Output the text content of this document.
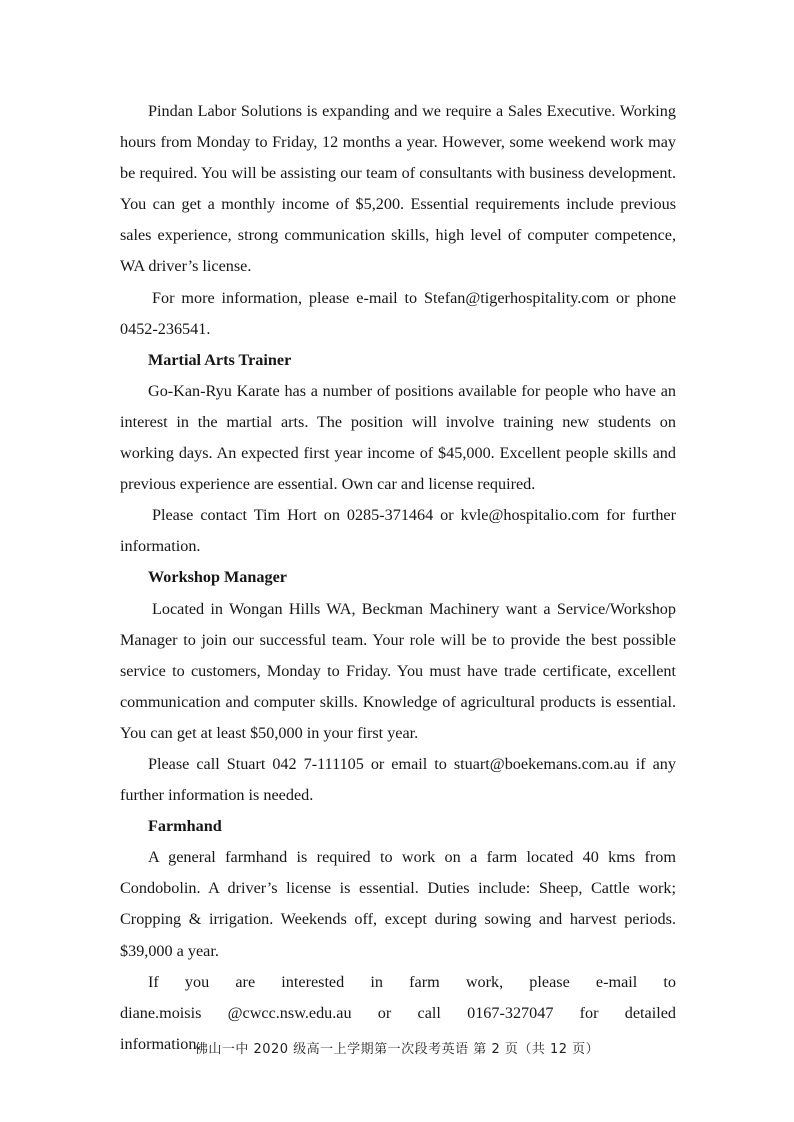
Pindan Labor Solutions is expanding and we require a Sales Executive. Working hours from Monday to Friday, 12 months a year. However, some weekend work may be required. You will be assisting our team of consultants with business development. You can get a monthly income of $5,200. Essential requirements include previous sales experience, strong communication skills, high level of computer competence, WA driver’s license.

For more information, please e-mail to Stefan@tigerhospitality.com or phone 0452-236541.

Martial Arts Trainer

Go-Kan-Ryu Karate has a number of positions available for people who have an interest in the martial arts. The position will involve training new students on working days. An expected first year income of $45,000. Excellent people skills and previous experience are essential. Own car and license required.

Please contact Tim Hort on 0285-371464 or kvle@hospitalio.com for further information.

Workshop Manager

Located in Wongan Hills WA, Beckman Machinery want a Service/Workshop Manager to join our successful team. Your role will be to provide the best possible service to customers, Monday to Friday. You must have trade certificate, excellent communication and computer skills. Knowledge of agricultural products is essential. You can get at least $50,000 in your first year.

Please call Stuart 042 7-111105 or email to stuart@boekemans.com.au if any further information is needed.

Farmhand

A general farmhand is required to work on a farm located 40 kms from Condobolin. A driver’s license is essential. Duties include: Sheep, Cattle work; Cropping & irrigation. Weekends off, except during sowing and harvest periods. $39,000 a year.

If you are interested in farm work, please e-mail to diane.moisis @cwcc.nsw.edu.au or call 0167-327047 for detailed information.

佛山一中 2020 级高一上学期第一次段考英语 第 2 页（共 12 页）
